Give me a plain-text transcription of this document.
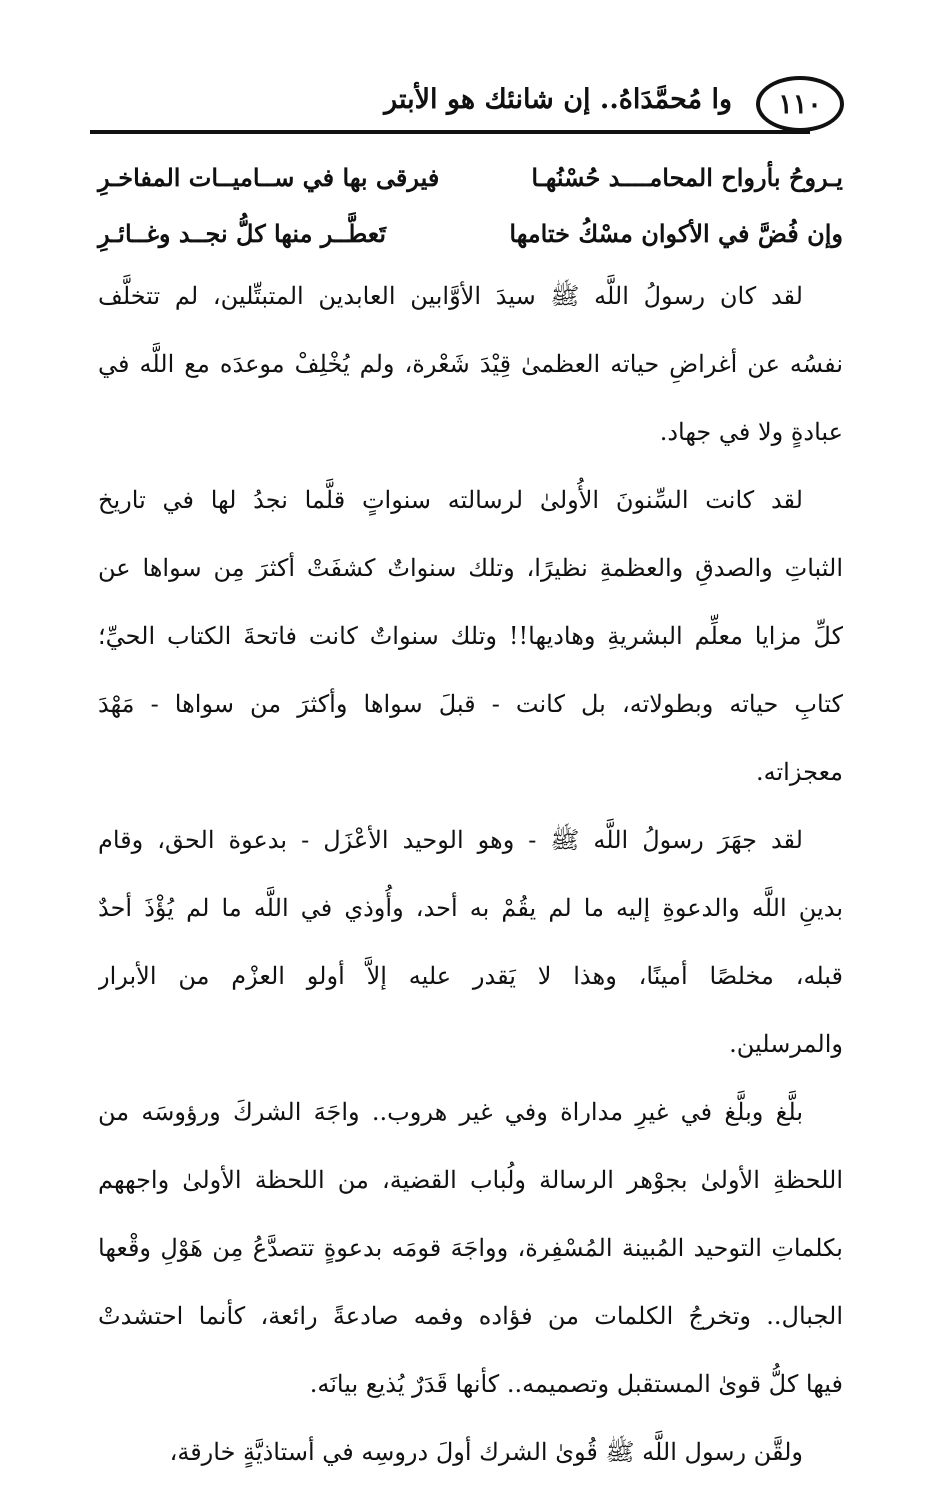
١١٠
وا مُحمَّدَاهُ.. إن شانئك هو الأبتر
يـروحُ بأرواح المحامــــد حُسْنُهـا
فيرقى بها في ســاميــات المفاخـرِ
وإن فُضَّ في الأكوان مسْكُ ختامها
تَعطَّــر منها كلُّ نجــد وغــائـرِ
لقد كان رسولُ اللَّه ﷺ سيدَ الأوَّابين العابدين المتبتِّلين، لم تتخلَّف
نفسُه عن أغراضِ حياته العظمىٰ قِيْدَ شَعْرة، ولم يُخْلِفْ موعدَه مع اللَّه في
عبادةٍ ولا في جهاد.
لقد كانت السِّنونَ الأُولىٰ لرسالته سنواتٍ قلَّما نجدُ لها في تاريخ
الثباتِ والصدقِ والعظمةِ نظيرًا، وتلك سنواتٌ كشفَتْ أكثرَ مِن سواها عن
كلِّ مزايا معلِّم البشريةِ وهاديها!! وتلك سنواتٌ كانت فاتحةَ الكتاب الحيِّ؛
كتابِ حياته وبطولاته، بل كانت - قبلَ سواها وأكثرَ من سواها - مَهْدَ
معجزاته.
لقد جهَرَ رسولُ اللَّه ﷺ - وهو الوحيد الأعْزَل - بدعوة الحق، وقام
بدينِ اللَّه والدعوةِ إليه ما لم يقُمْ به أحد، وأُوذي في اللَّه ما لم يُؤْذَ أحدٌ
قبله، مخلصًا أمينًا، وهذا لا يَقدر عليه إلاَّ أولو العزْم من الأبرار
والمرسلين.
بلَّغ وبلَّغ في غيرِ مداراة وفي غير هروب.. واجَهَ الشركَ ورؤوسَه من
اللحظةِ الأولىٰ بجوْهر الرسالة ولُباب القضية، من اللحظة الأولىٰ واجههم
بكلماتِ التوحيد المُبينة المُسْفِرة، وواجَهَ قومَه بدعوةٍ تتصدَّعُ مِن هَوْلِ وقْعها
الجبال.. وتخرجُ الكلمات من فؤاده وفمه صادعةً رائعة، كأنما احتشدتْ
فيها كلُّ قوىٰ المستقبل وتصميمه.. كأنها قَدَرٌ يُذيع بيانَه.
ولقَّن رسول اللَّه ﷺ قُوىٰ الشرك أولَ دروسِه في أستاذيَّةٍ خارقة،
